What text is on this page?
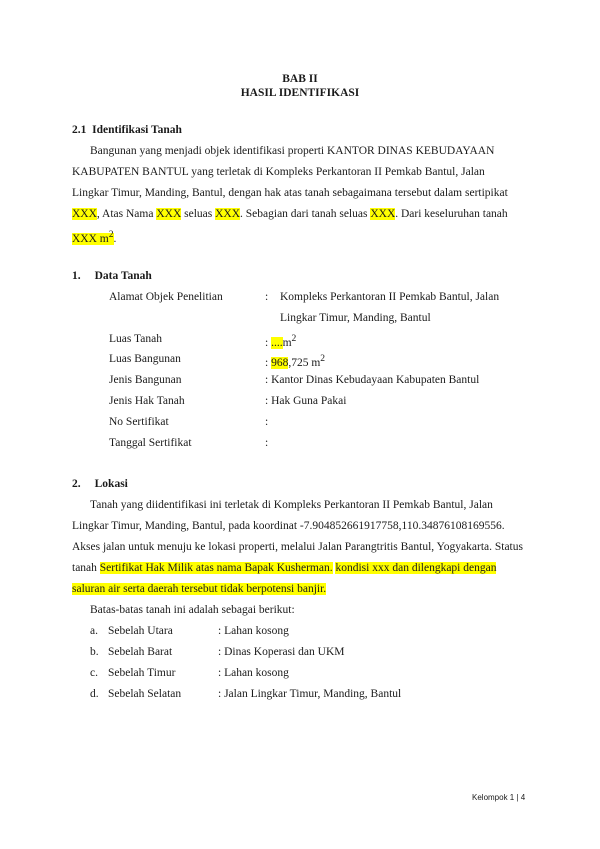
BAB II
HASIL IDENTIFIKASI
2.1 Identifikasi Tanah
Bangunan yang menjadi objek identifikasi properti KANTOR DINAS KEBUDAYAAN
KABUPATEN BANTUL yang terletak di Kompleks Perkantoran II Pemkab Bantul, Jalan
Lingkar Timur, Manding, Bantul, dengan hak atas tanah sebagaimana tersebut dalam sertipikat
XXX, Atas Nama XXX seluas XXX. Sebagian dari tanah seluas XXX. Dari keseluruhan tanah
XXX $m^2$.
1. Data Tanah
Alamat Objek Penelitian	: Kompleks Perkantoran II Pemkab Bantul, Jalan
Lingkar Timur, Manding, Bantul
Luas Tanah	: $....m^2$
Luas Bangunan	: 968,725 $m^2$
Jenis Bangunan	: Kantor Dinas Kebudayaan Kabupaten Bantul
Jenis Hak Tanah	: Hak Guna Pakai
No Sertifikat	:
Tanggal Sertifikat	:
2. Lokasi
Tanah yang diidentifikasi ini terletak di Kompleks Perkantoran II Pemkab Bantul, Jalan
Lingkar Timur, Manding, Bantul, pada koordinat -7.904852661917758,110.34876108169556.
Akses jalan untuk menuju ke lokasi properti, melalui Jalan Parangtritis Bantul, Yogyakarta. Status
tanah Sertifikat Hak Milik atas nama Bapak Kusherman. kondisi xxx dan dilengkapi dengan
saluran air serta daerah tersebut tidak berpotensi banjir.
Batas-batas tanah ini adalah sebagai berikut:
a. Sebelah Utara	: Lahan kosong
b. Sebelah Barat	: Dinas Koperasi dan UKM
c. Sebelah Timur	: Lahan kosong
d. Sebelah Selatan	: Jalan Lingkar Timur, Manding, Bantul
Kelompok 1 | 4
